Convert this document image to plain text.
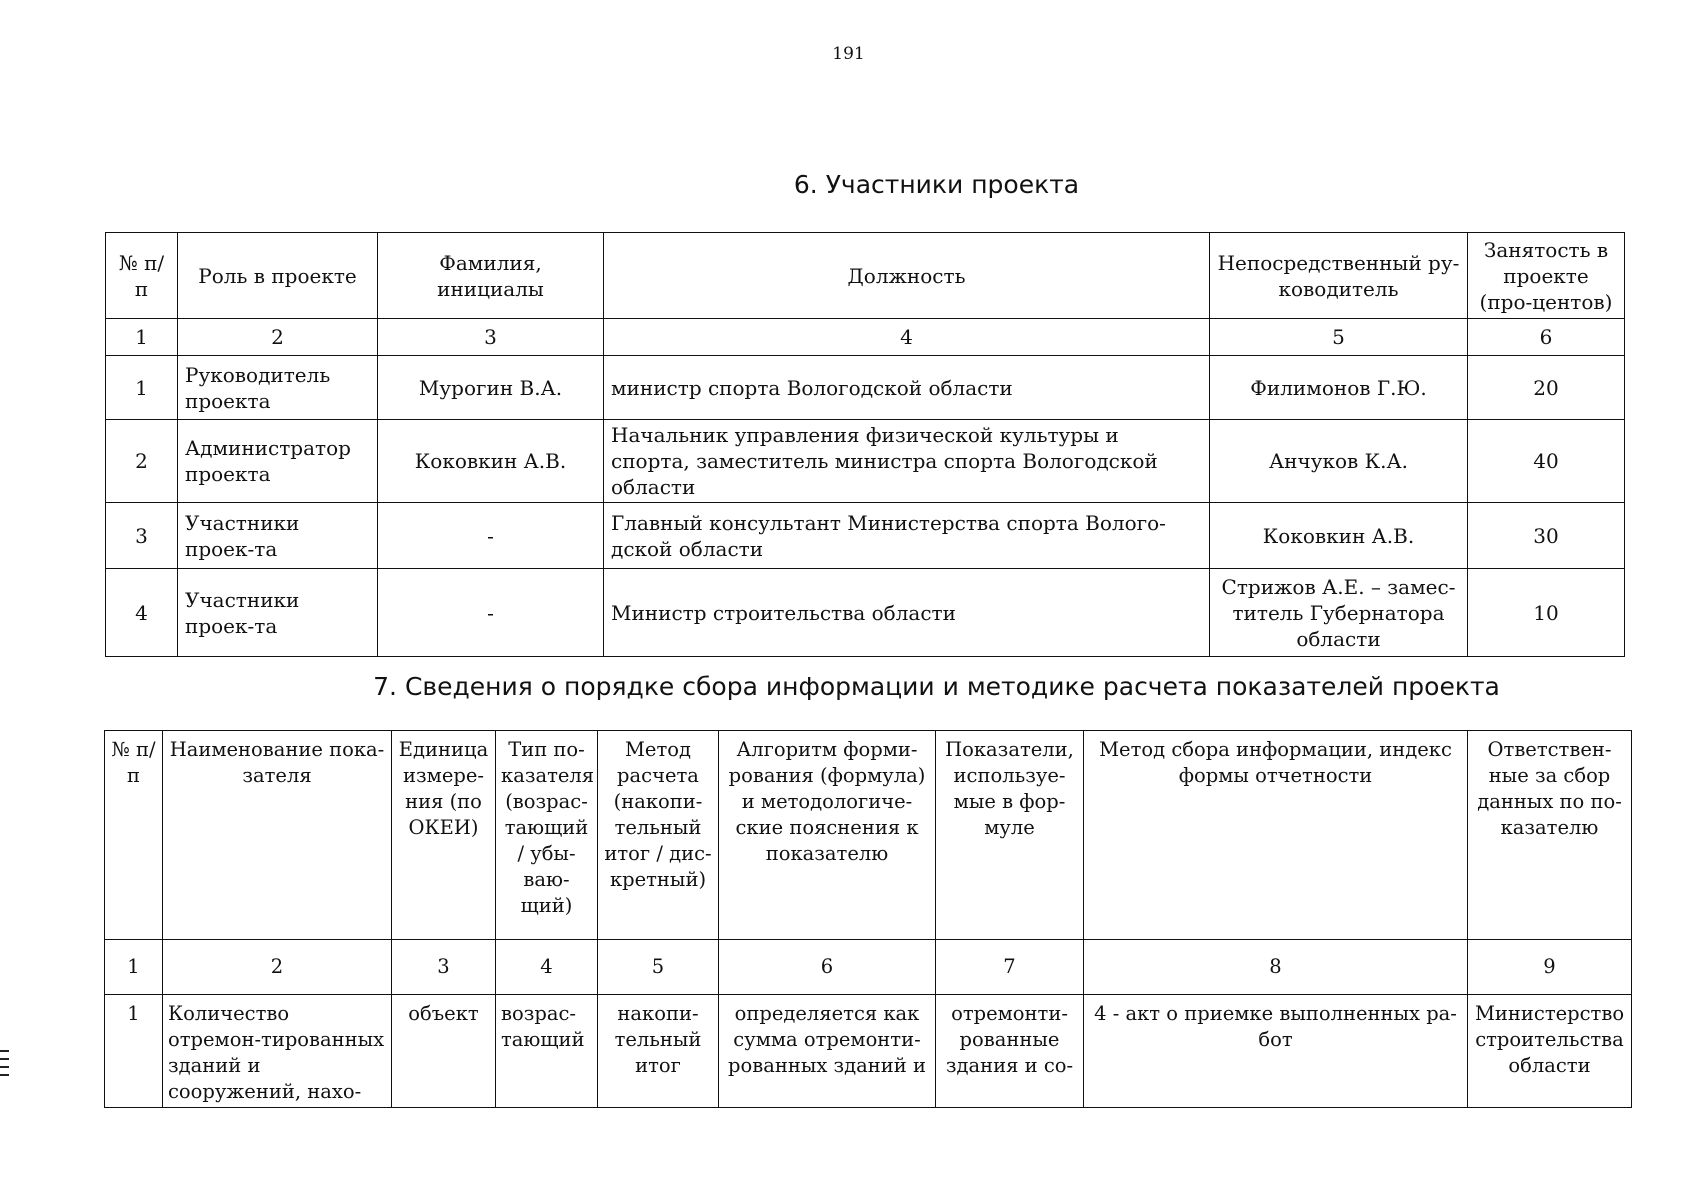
191
6. Участники проекта
№ п/п	Роль в проекте	Фамилия, инициалы	Должность	Непосредственный ру-ководитель	Занятость в проекте (про-центов)
1	2	3	4	5	6
1	Руководитель проекта	Мурогин В.А.	министр спорта Вологодской области	Филимонов Г.Ю.	20
2	Администратор проекта	Коковкин А.В.	Начальник управления физической культуры и спорта, заместитель министра спорта Вологодской области	Анчуков К.А.	40
3	Участники проек-та	-	Главный консультант Министерства спорта Волого-дской области	Коковкин А.В.	30
4	Участники проек-та	-	Министр строительства области	Стрижов А.Е. – замес-титель Губернатора области	10
7. Сведения о порядке сбора информации и методике расчета показателей проекта
№ п/п	Наименование пока-зателя	Единица измере-ния (по ОКЕИ)	Тип по-казателя (возрас-тающий / убы-ваю-щий)	Метод расчета (накопи-тельный итог / дис-кретный)	Алгоритм форми-рования (формула) и методологиче-ские пояснения к показателю	Показатели, используе-мые в фор-муле	Метод сбора информации, индекс формы отчетности	Ответствен-ные за сбор данных по по-казателю
1	2	3	4	5	6	7	8	9
1	Количество отремон-тированных зданий и сооружений, нахо-	объект	возрас-тающий	накопи-тельный итог	определяется как сумма отремонти-рованных зданий и	отремонти-рованные здания и со-	4 - акт о приемке выполненных ра-бот	Министерство строительства области
